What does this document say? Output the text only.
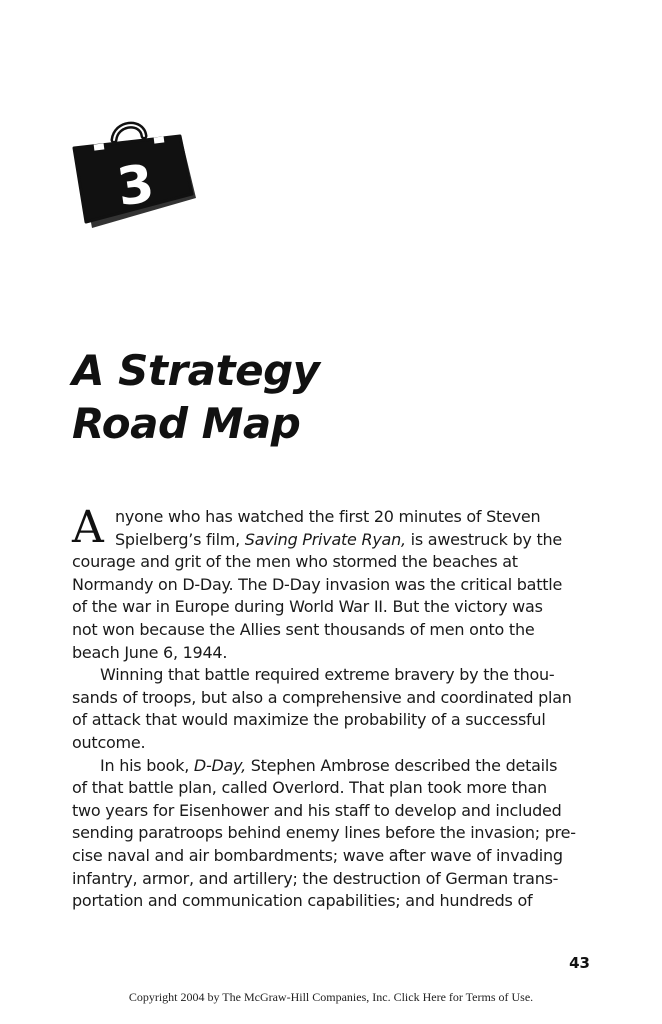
3
A Strategy
Road Map
A nyone who has watched the first 20 minutes of Steven
Spielberg’s film, Saving Private Ryan, is awestruck by the
courage and grit of the men who stormed the beaches at
Normandy on D-Day. The D-Day invasion was the critical battle
of the war in Europe during World War II. But the victory was
not won because the Allies sent thousands of men onto the
beach June 6, 1944.
Winning that battle required extreme bravery by the thou-
sands of troops, but also a comprehensive and coordinated plan
of attack that would maximize the probability of a successful
outcome.
In his book, D-Day, Stephen Ambrose described the details
of that battle plan, called Overlord. That plan took more than
two years for Eisenhower and his staff to develop and included
sending paratroops behind enemy lines before the invasion; pre-
cise naval and air bombardments; wave after wave of invading
infantry, armor, and artillery; the destruction of German trans-
portation and communication capabilities; and hundreds of
43
Copyright 2004 by The McGraw-Hill Companies, Inc. Click Here for Terms of Use.
